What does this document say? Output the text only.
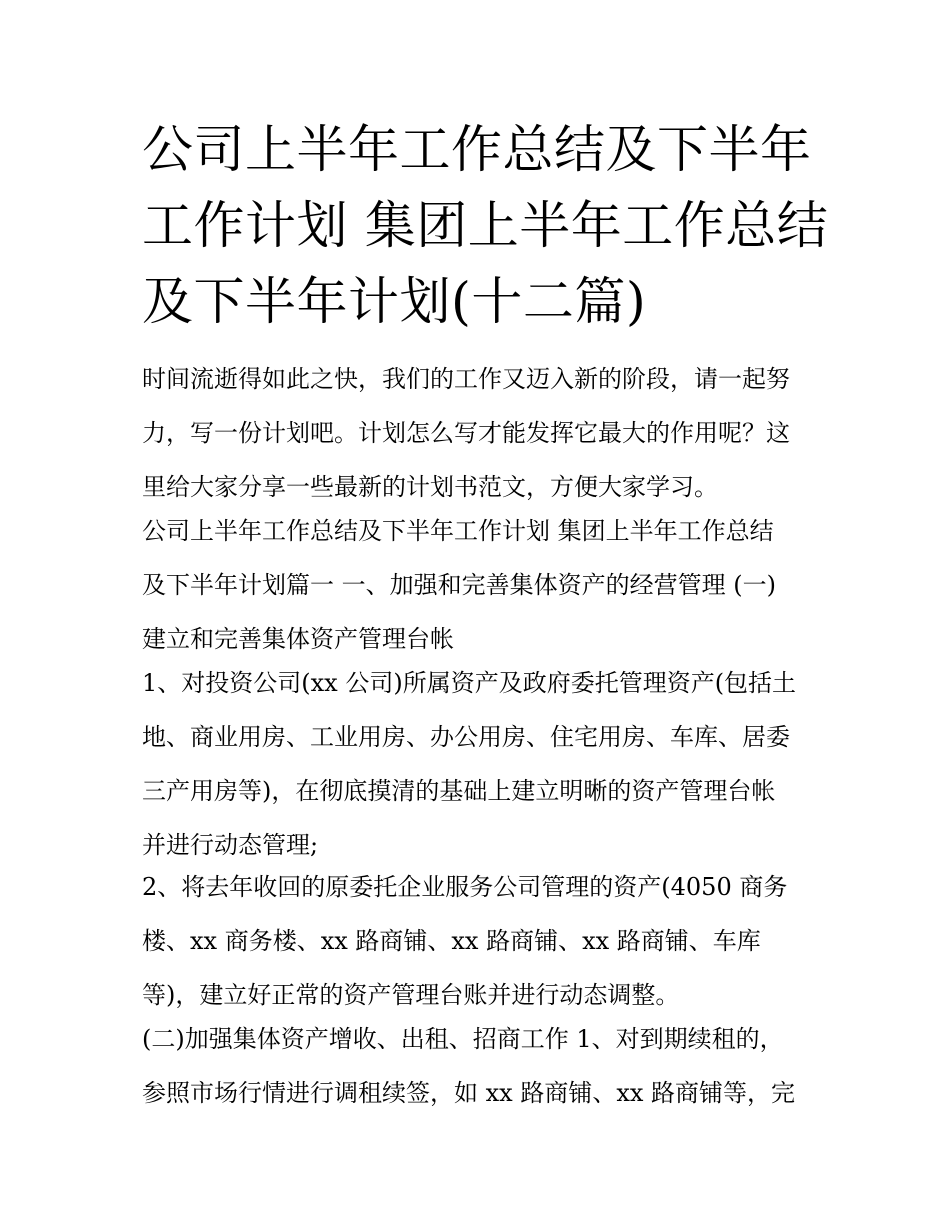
公司上半年工作总结及下半年
工作计划 集团上半年工作总结
及下半年计划(十二篇)

时间流逝得如此之快，我们的工作又迈入新的阶段，请一起努
力，写一份计划吧。计划怎么写才能发挥它最大的作用呢？这
里给大家分享一些最新的计划书范文，方便大家学习。

公司上半年工作总结及下半年工作计划 集团上半年工作总结
及下半年计划篇一 一、加强和完善集体资产的经营管理 (一)
建立和完善集体资产管理台帐

1、对投资公司(xx 公司)所属资产及政府委托管理资产(包括土
地、商业用房、工业用房、办公用房、住宅用房、车库、居委
三产用房等)，在彻底摸清的基础上建立明晰的资产管理台帐
并进行动态管理;

2、将去年收回的原委托企业服务公司管理的资产(4050 商务
楼、xx 商务楼、xx 路商铺、xx 路商铺、xx 路商铺、车库
等)，建立好正常的资产管理台账并进行动态调整。

(二)加强集体资产增收、出租、招商工作 1、对到期续租的，
参照市场行情进行调租续签，如 xx 路商铺、xx 路商铺等，完
